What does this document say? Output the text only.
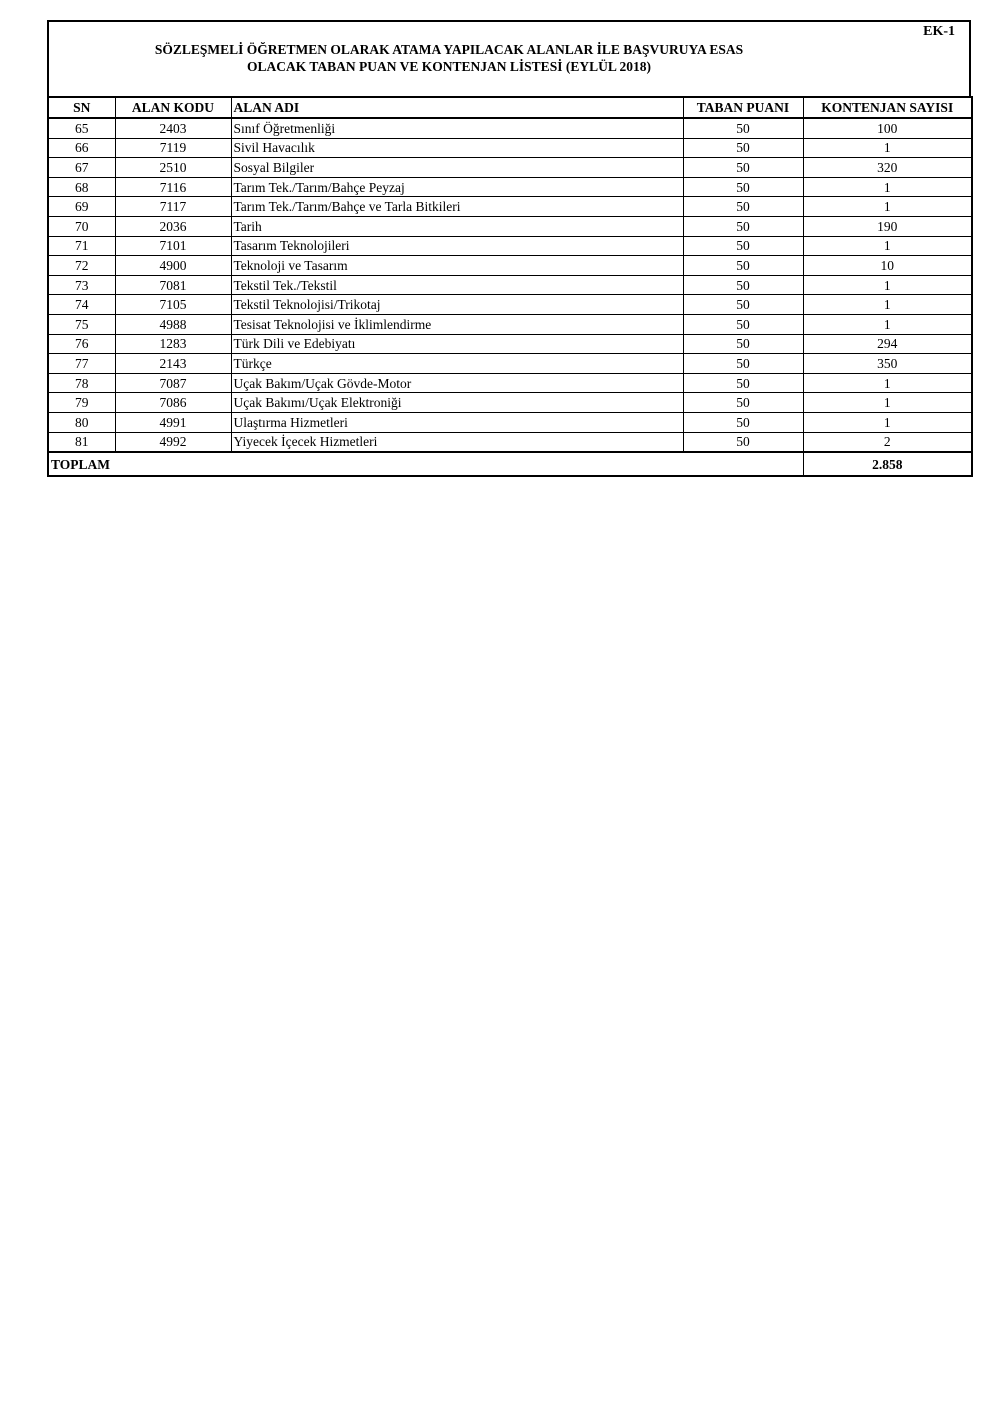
EK-1
SÖZLEŞMELİ ÖĞRETMEN OLARAK ATAMA YAPILACAK ALANLAR İLE BAŞVURUYA ESAS
OLACAK TABAN PUAN VE KONTENJAN LİSTESİ (EYLÜL 2018)
SN	ALAN KODU	ALAN ADI	TABAN PUANI	KONTENJAN SAYISI
65	2403	Sınıf Öğretmenliği	50	100
66	7119	Sivil Havacılık	50	1
67	2510	Sosyal Bilgiler	50	320
68	7116	Tarım Tek./Tarım/Bahçe Peyzaj	50	1
69	7117	Tarım Tek./Tarım/Bahçe ve Tarla Bitkileri	50	1
70	2036	Tarih	50	190
71	7101	Tasarım Teknolojileri	50	1
72	4900	Teknoloji ve Tasarım	50	10
73	7081	Tekstil Tek./Tekstil	50	1
74	7105	Tekstil Teknolojisi/Trikotaj	50	1
75	4988	Tesisat Teknolojisi ve İklimlendirme	50	1
76	1283	Türk Dili ve Edebiyatı	50	294
77	2143	Türkçe	50	350
78	7087	Uçak Bakım/Uçak Gövde-Motor	50	1
79	7086	Uçak Bakımı/Uçak Elektroniği	50	1
80	4991	Ulaştırma Hizmetleri	50	1
81	4992	Yiyecek İçecek Hizmetleri	50	2
TOPLAM				2.858
